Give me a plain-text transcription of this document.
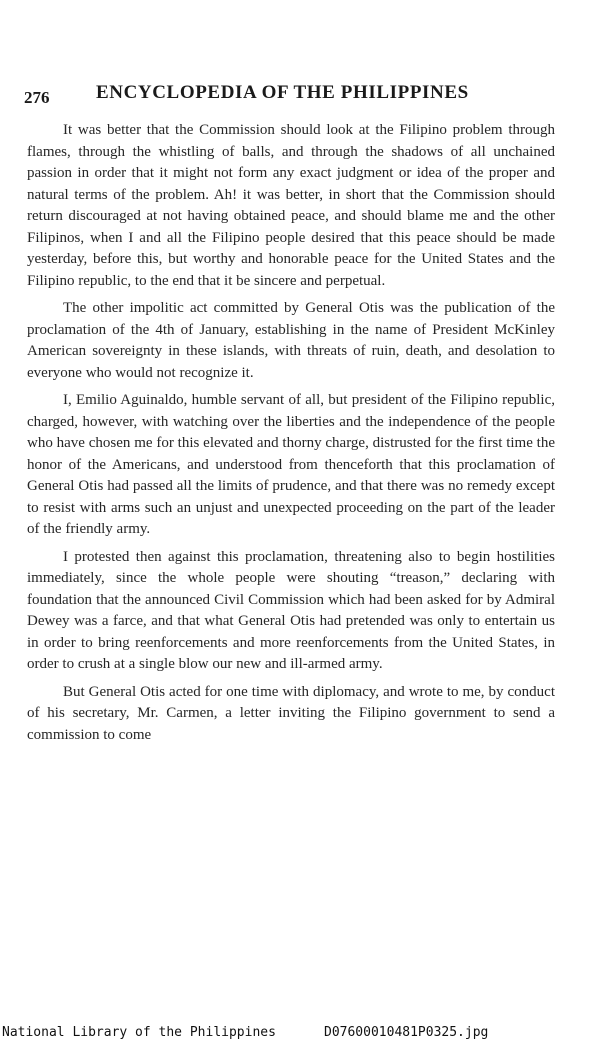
276 ENCYCLOPEDIA OF THE PHILIPPINES

It was better that the Commission should look at the Filipino problem through flames, through the whistling of balls, and through the shadows of all unchained passion in order that it might not form any exact judgment or idea of the proper and natural terms of the problem. Ah! it was better, in short that the Commission should return discouraged at not having obtained peace, and should blame me and the other Filipinos, when I and all the Filipino people desired that this peace should be made yesterday, before this, but worthy and honorable peace for the United States and the Filipino republic, to the end that it be sincere and perpetual.

The other impolitic act committed by General Otis was the publication of the proclamation of the 4th of January, establishing in the name of President McKinley American sovereignty in these islands, with threats of ruin, death, and desolation to everyone who would not recognize it.

I, Emilio Aguinaldo, humble servant of all, but president of the Filipino republic, charged, however, with watching over the liberties and the independence of the people who have chosen me for this elevated and thorny charge, distrusted for the first time the honor of the Americans, and understood from thenceforth that this proclamation of General Otis had passed all the limits of prudence, and that there was no remedy except to resist with arms such an unjust and unexpected proceeding on the part of the leader of the friendly army.

I protested then against this proclamation, threatening also to begin hostilities immediately, since the whole people were shouting “treason,” declaring with foundation that the announced Civil Commission which had been asked for by Admiral Dewey was a farce, and that what General Otis had pretended was only to entertain us in order to bring reenforcements and more reenforcements from the United States, in order to crush at a single blow our new and ill-armed army.

But General Otis acted for one time with diplomacy, and wrote to me, by conduct of his secretary, Mr. Carmen, a letter inviting the Filipino government to send a commission to come

National Library of the Philippines	D07600010481P0325.jpg
